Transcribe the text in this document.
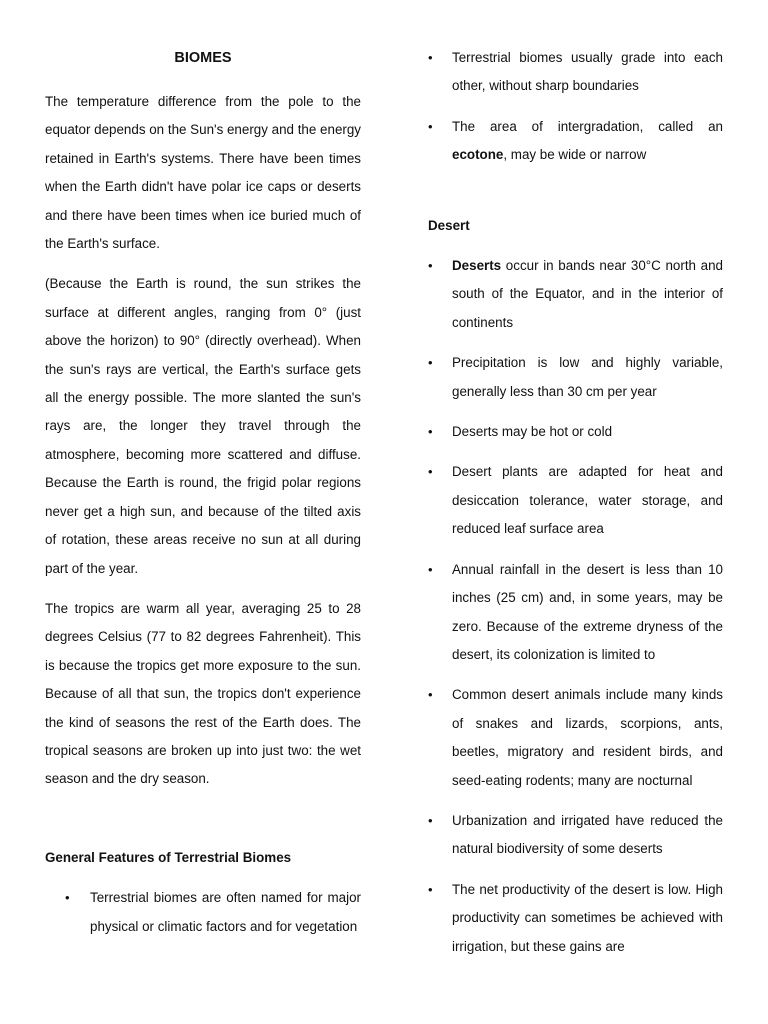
BIOMES

The temperature difference from the pole to the equator depends on the Sun's energy and the energy retained in Earth's systems. There have been times when the Earth didn't have polar ice caps or deserts and there have been times when ice buried much of the Earth's surface.

(Because the Earth is round, the sun strikes the surface at different angles, ranging from 0° (just above the horizon) to 90° (directly overhead). When the sun's rays are vertical, the Earth's surface gets all the energy possible. The more slanted the sun's rays are, the longer they travel through the atmosphere, becoming more scattered and diffuse. Because the Earth is round, the frigid polar regions never get a high sun, and because of the tilted axis of rotation, these areas receive no sun at all during part of the year.

The tropics are warm all year, averaging 25 to 28 degrees Celsius (77 to 82 degrees Fahrenheit). This is because the tropics get more exposure to the sun. Because of all that sun, the tropics don't experience the kind of seasons the rest of the Earth does. The tropical seasons are broken up into just two: the wet season and the dry season.

General Features of Terrestrial Biomes

• Terrestrial biomes are often named for major physical or climatic factors and for vegetation
• Terrestrial biomes usually grade into each other, without sharp boundaries
• The area of intergradation, called an ecotone, may be wide or narrow

Desert

• Deserts occur in bands near 30°C north and south of the Equator, and in the interior of continents
• Precipitation is low and highly variable, generally less than 30 cm per year
• Deserts may be hot or cold
• Desert plants are adapted for heat and desiccation tolerance, water storage, and reduced leaf surface area
• Annual rainfall in the desert is less than 10 inches (25 cm) and, in some years, may be zero. Because of the extreme dryness of the desert, its colonization is limited to
• Common desert animals include many kinds of snakes and lizards, scorpions, ants, beetles, migratory and resident birds, and seed-eating rodents; many are nocturnal
• Urbanization and irrigated have reduced the natural biodiversity of some deserts
• The net productivity of the desert is low. High productivity can sometimes be achieved with irrigation, but these gains are
